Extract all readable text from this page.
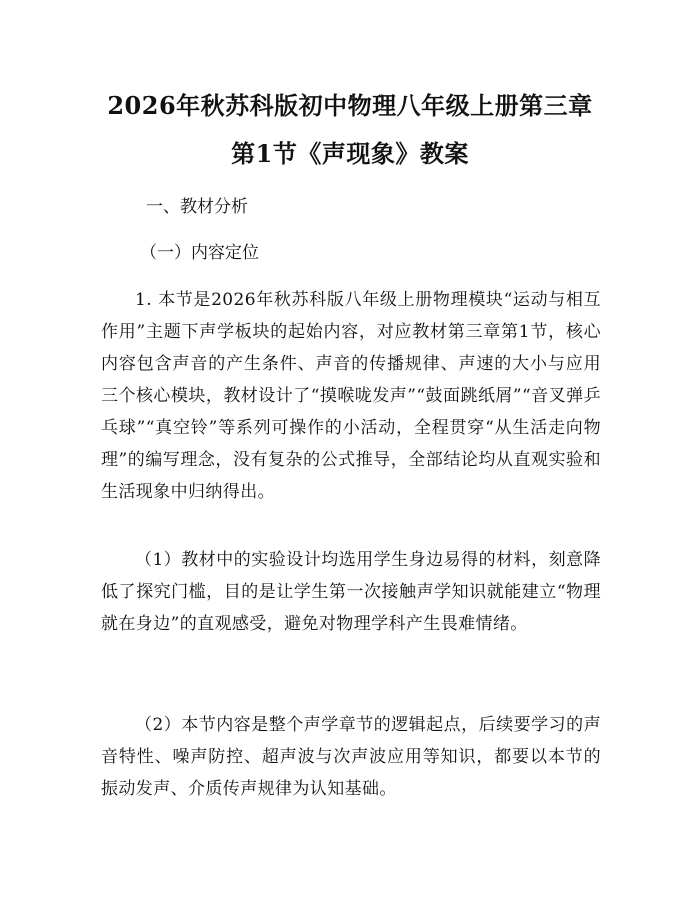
2026年秋苏科版初中物理八年级上册第三章
第1节《声现象》教案

一、教材分析

（一）内容定位

1. 本节是2026年秋苏科版八年级上册物理模块“运动与相互作用”主题下声学板块的起始内容，对应教材第三章第1节，核心内容包含声音的产生条件、声音的传播规律、声速的大小与应用三个核心模块，教材设计了“摸喉咙发声”“鼓面跳纸屑”“音叉弹乒乓球”“真空铃”等系列可操作的小活动，全程贯穿“从生活走向物理”的编写理念，没有复杂的公式推导，全部结论均从直观实验和生活现象中归纳得出。

（1）教材中的实验设计均选用学生身边易得的材料，刻意降低了探究门槛，目的是让学生第一次接触声学知识就能建立“物理就在身边”的直观感受，避免对物理学科产生畏难情绪。

（2）本节内容是整个声学章节的逻辑起点，后续要学习的声音特性、噪声防控、超声波与次声波应用等知识，都要以本节的振动发声、介质传声规律为认知基础。
